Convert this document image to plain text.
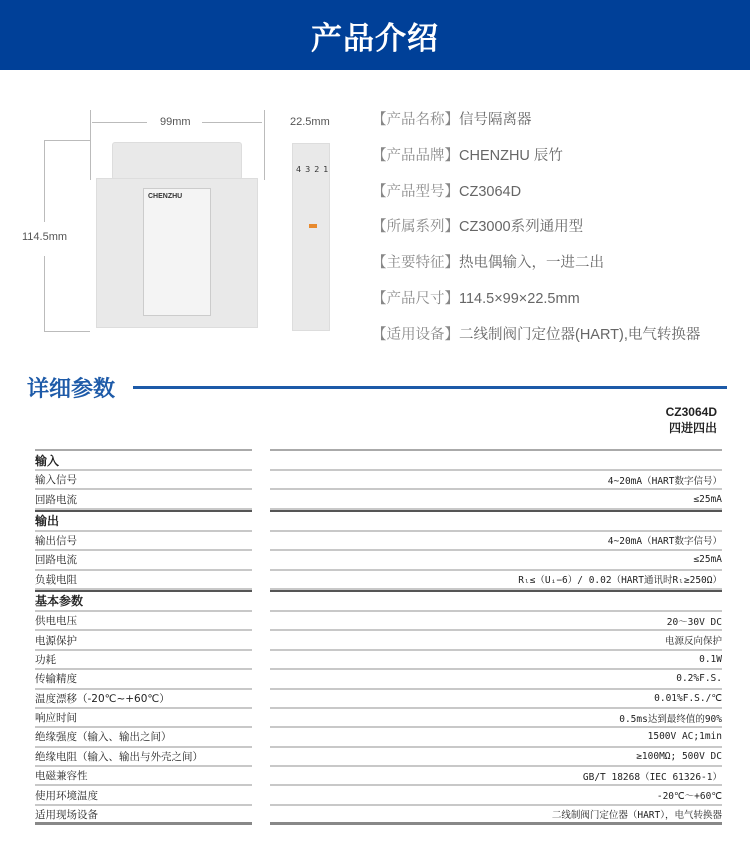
产品介绍
99mm
114.5mm
22.5mm
CHENZHU
4 3 2 1
【产品名称】信号隔离器
【产品品牌】CHENZHU 辰竹
【产品型号】CZ3064D
【所属系列】CZ3000系列通用型
【主要特征】热电偶输入，一进二出
【产品尺寸】114.5×99×22.5mm
【适用设备】二线制阀门定位器(HART),电气转换器
详细参数
CZ3064D
四进四出
输入
输入信号	4~20mA（HART数字信号）
回路电流	≤25mA
输出
输出信号	4~20mA（HART数字信号）
回路电流	≤25mA
负载电阻	Rₗ≤（Uᵢ−6）/ 0.02（HART通讯时Rₗ≥250Ω）
基本参数
供电电压	20～30V DC
电源保护	电源反向保护
功耗	0.1W
传输精度	0.2%F.S.
温度漂移（-20℃~+60℃）	0.01%F.S./℃
响应时间	0.5ms达到最终值的90%
绝缘强度（输入、输出之间）	1500V AC;1min
绝缘电阻（输入、输出与外壳之间）	≥100MΩ; 500V DC
电磁兼容性	GB/T 18268（IEC 61326-1）
使用环境温度	-20℃～+60℃
适用现场设备	二线制阀门定位器（HART），电气转换器
